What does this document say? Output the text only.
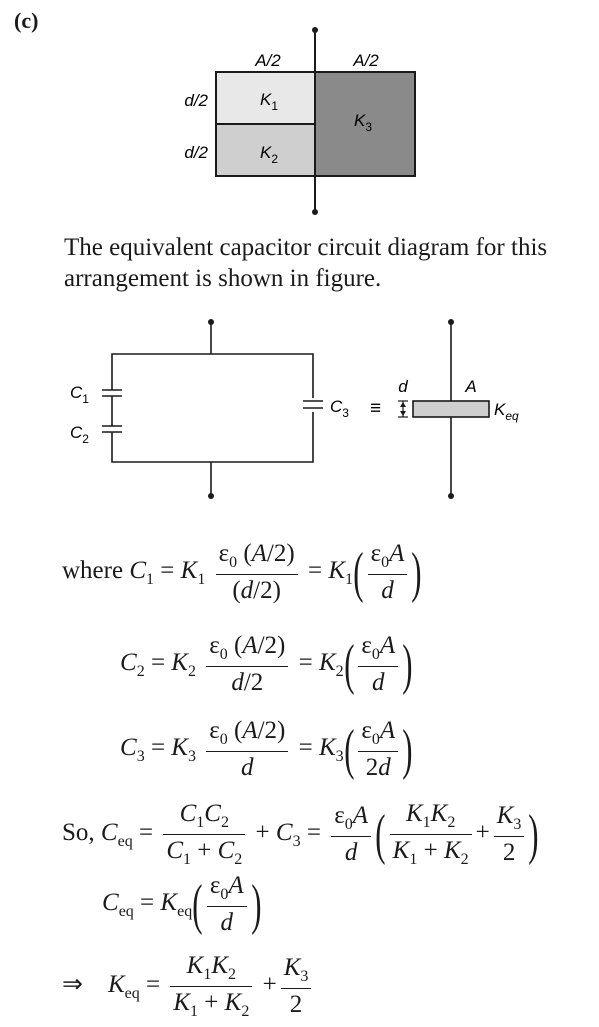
(c)
A/2	A/2
d/2
d/2
$K_1$
$K_2$
$K_3$
The equivalent capacitor circuit diagram for this arrangement is shown in figure.
$C_1$
$C_2$
$C_3$ ≡
d	A
$K_{eq}$
where $C_1 = K_1 \frac{\varepsilon_0 (A/2)}{(d/2)} = K_1( \frac{\varepsilon_0A}{d}$ )
$C_2 = K_2 \frac{\varepsilon_0 (A/2)}{d/2} = K_2( \frac{\varepsilon_0A}{d}$ )
$C_3 = K_3 \frac{\varepsilon_0 (A/2)}{d} = K_3( \frac{\varepsilon_0A}{2d}$ )
So, $C_{eq} = \frac{C_1C_2}{C_1 + C_2} + C_3 = \frac{\varepsilon_0A}{d}$ ( $\frac{K_1K_2}{K_1 + K_2} + \frac{K_3}{2}$ )
$C_{eq} = K_{eq}( \frac{\varepsilon_0A}{d}$ )
⇒ $K_{eq} = \frac{K_1K_2}{K_1 + K_2} + \frac{K_3}{2}$
